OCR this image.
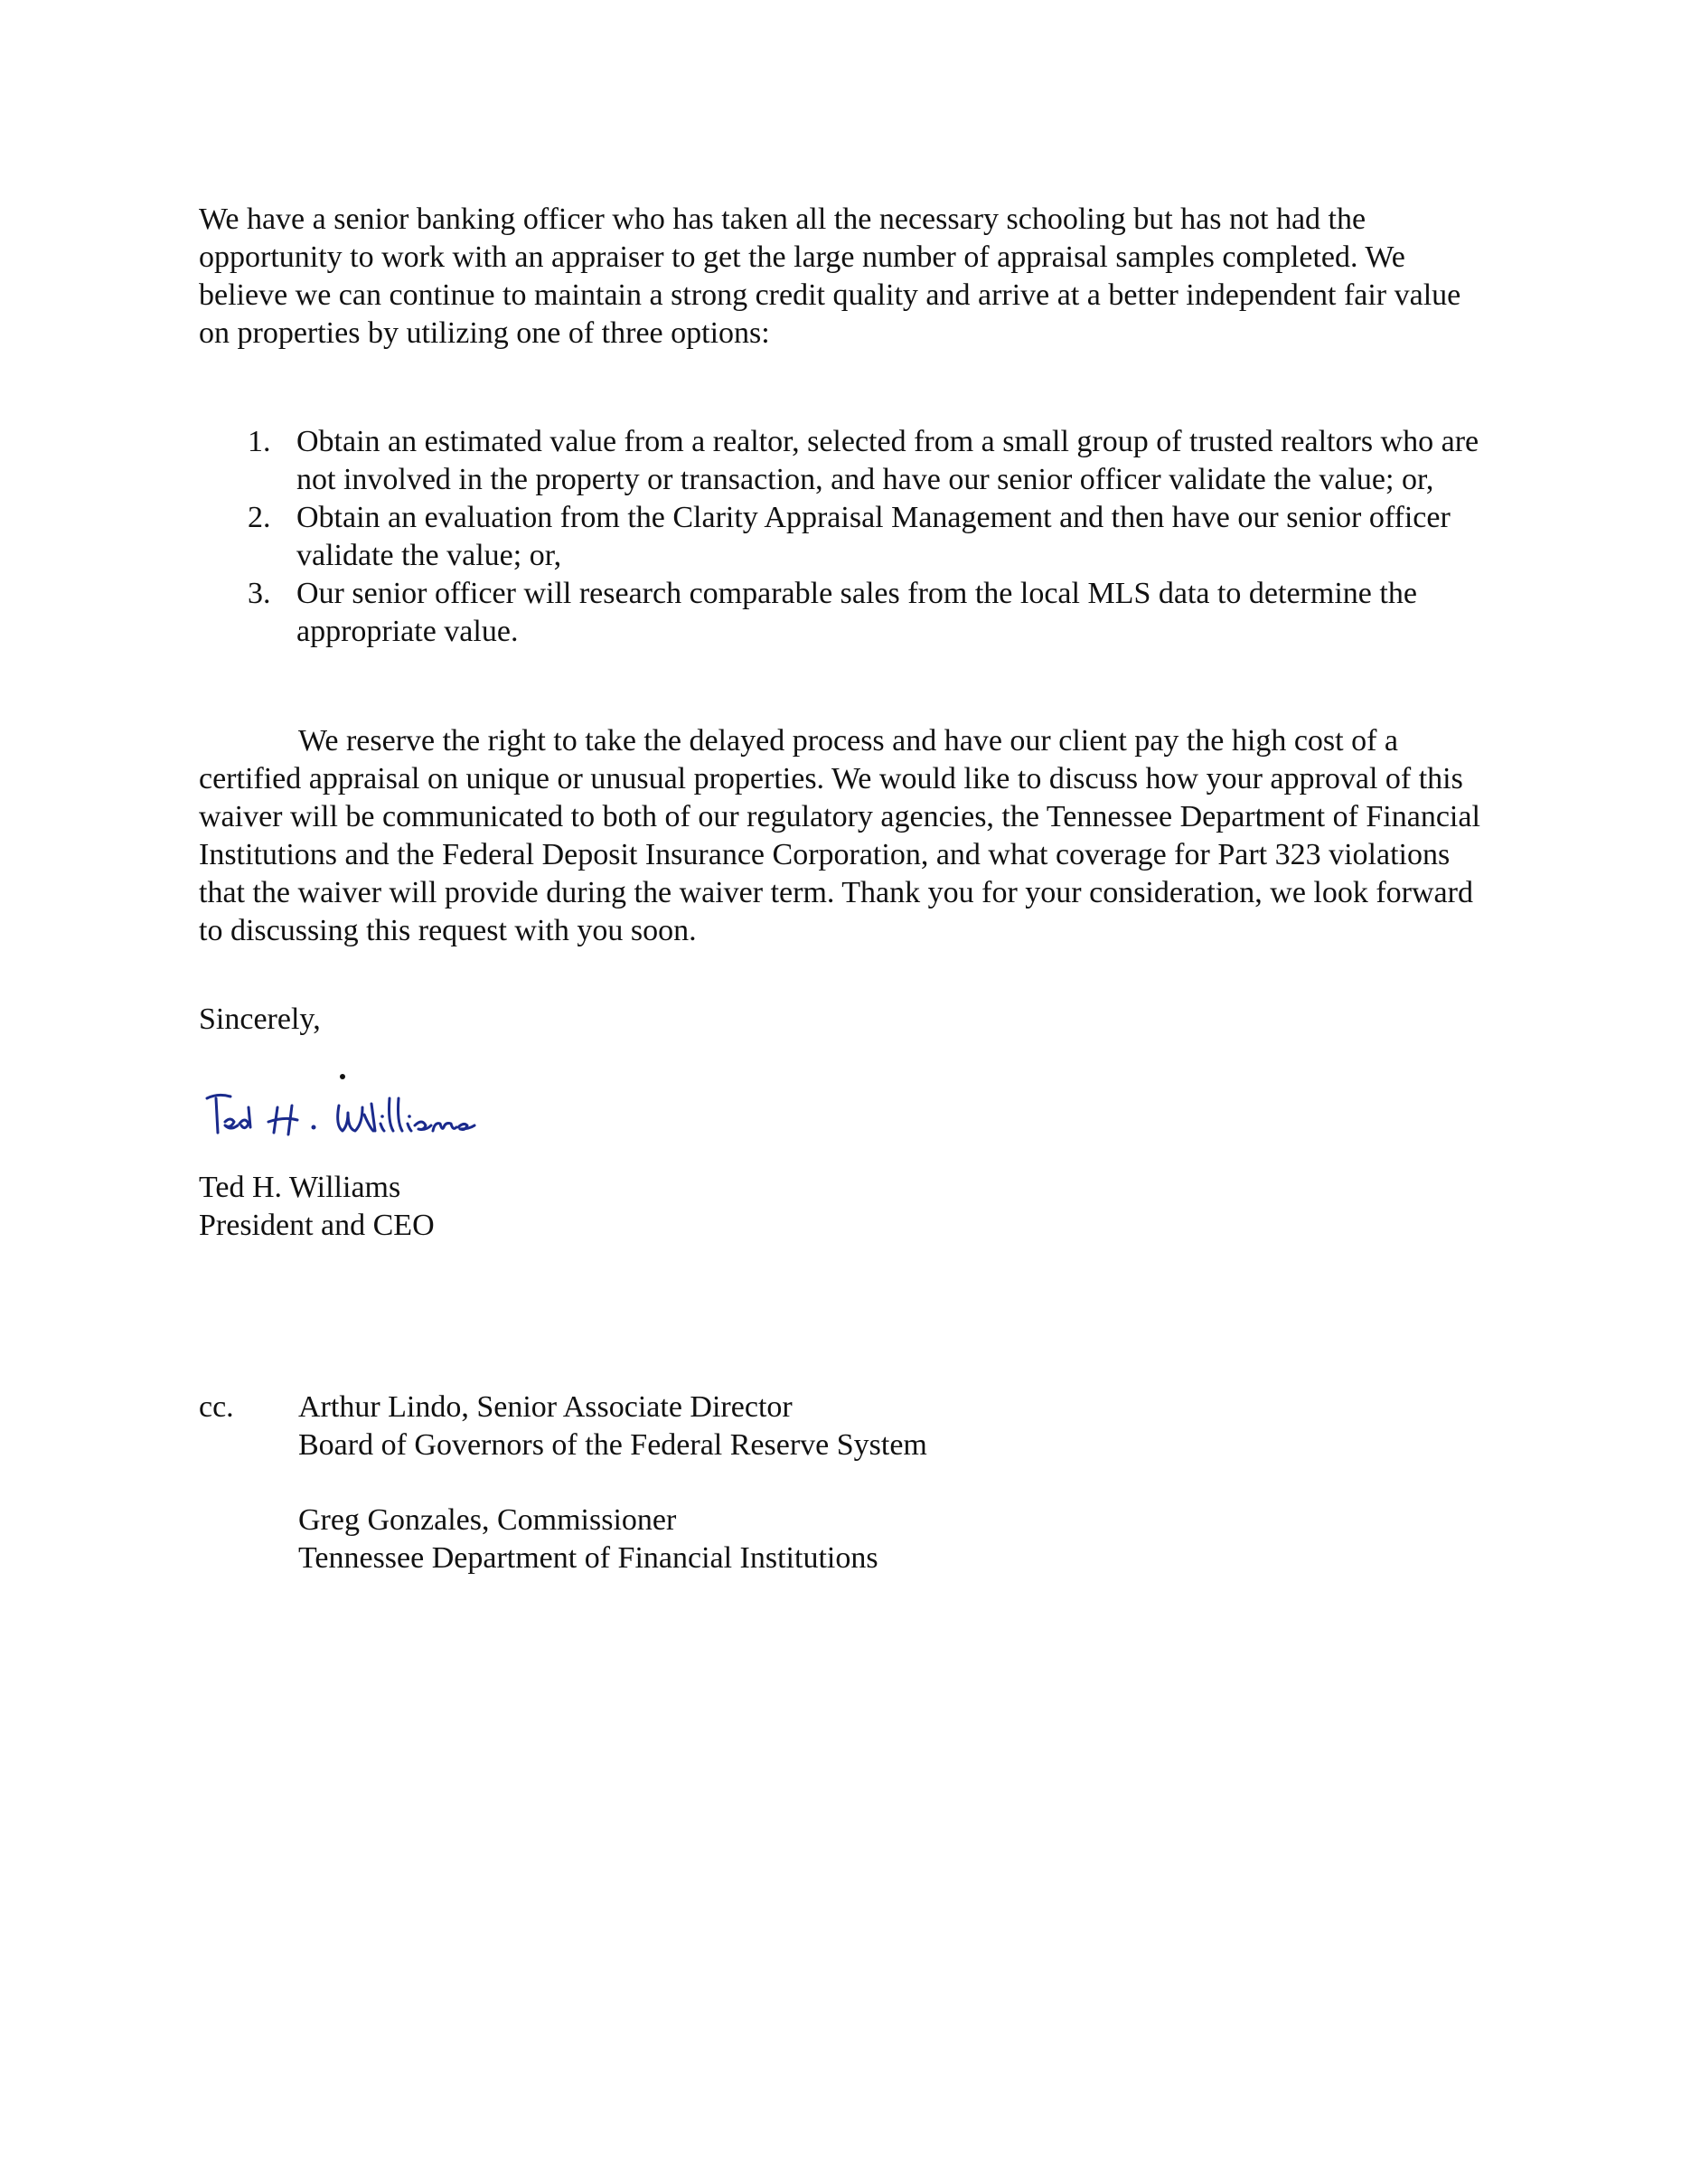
We have a senior banking officer who has taken all the necessary schooling but has not had the opportunity to work with an appraiser to get the large number of appraisal samples completed. We believe we can continue to maintain a strong credit quality and arrive at a better independent fair value on properties by utilizing one of three options:

1. Obtain an estimated value from a realtor, selected from a small group of trusted realtors who are not involved in the property or transaction, and have our senior officer validate the value; or,
2. Obtain an evaluation from the Clarity Appraisal Management and then have our senior officer validate the value; or,
3. Our senior officer will research comparable sales from the local MLS data to determine the appropriate value.

We reserve the right to take the delayed process and have our client pay the high cost of a certified appraisal on unique or unusual properties. We would like to discuss how your approval of this waiver will be communicated to both of our regulatory agencies, the Tennessee Department of Financial Institutions and the Federal Deposit Insurance Corporation, and what coverage for Part 323 violations that the waiver will provide during the waiver term. Thank you for your consideration, we look forward to discussing this request with you soon.

Sincerely,

Ted H. Williams

President and CEO

cc. Arthur Lindo, Senior Associate Director
Board of Governors of the Federal Reserve System
Greg Gonzales, Commissioner
Tennessee Department of Financial Institutions
